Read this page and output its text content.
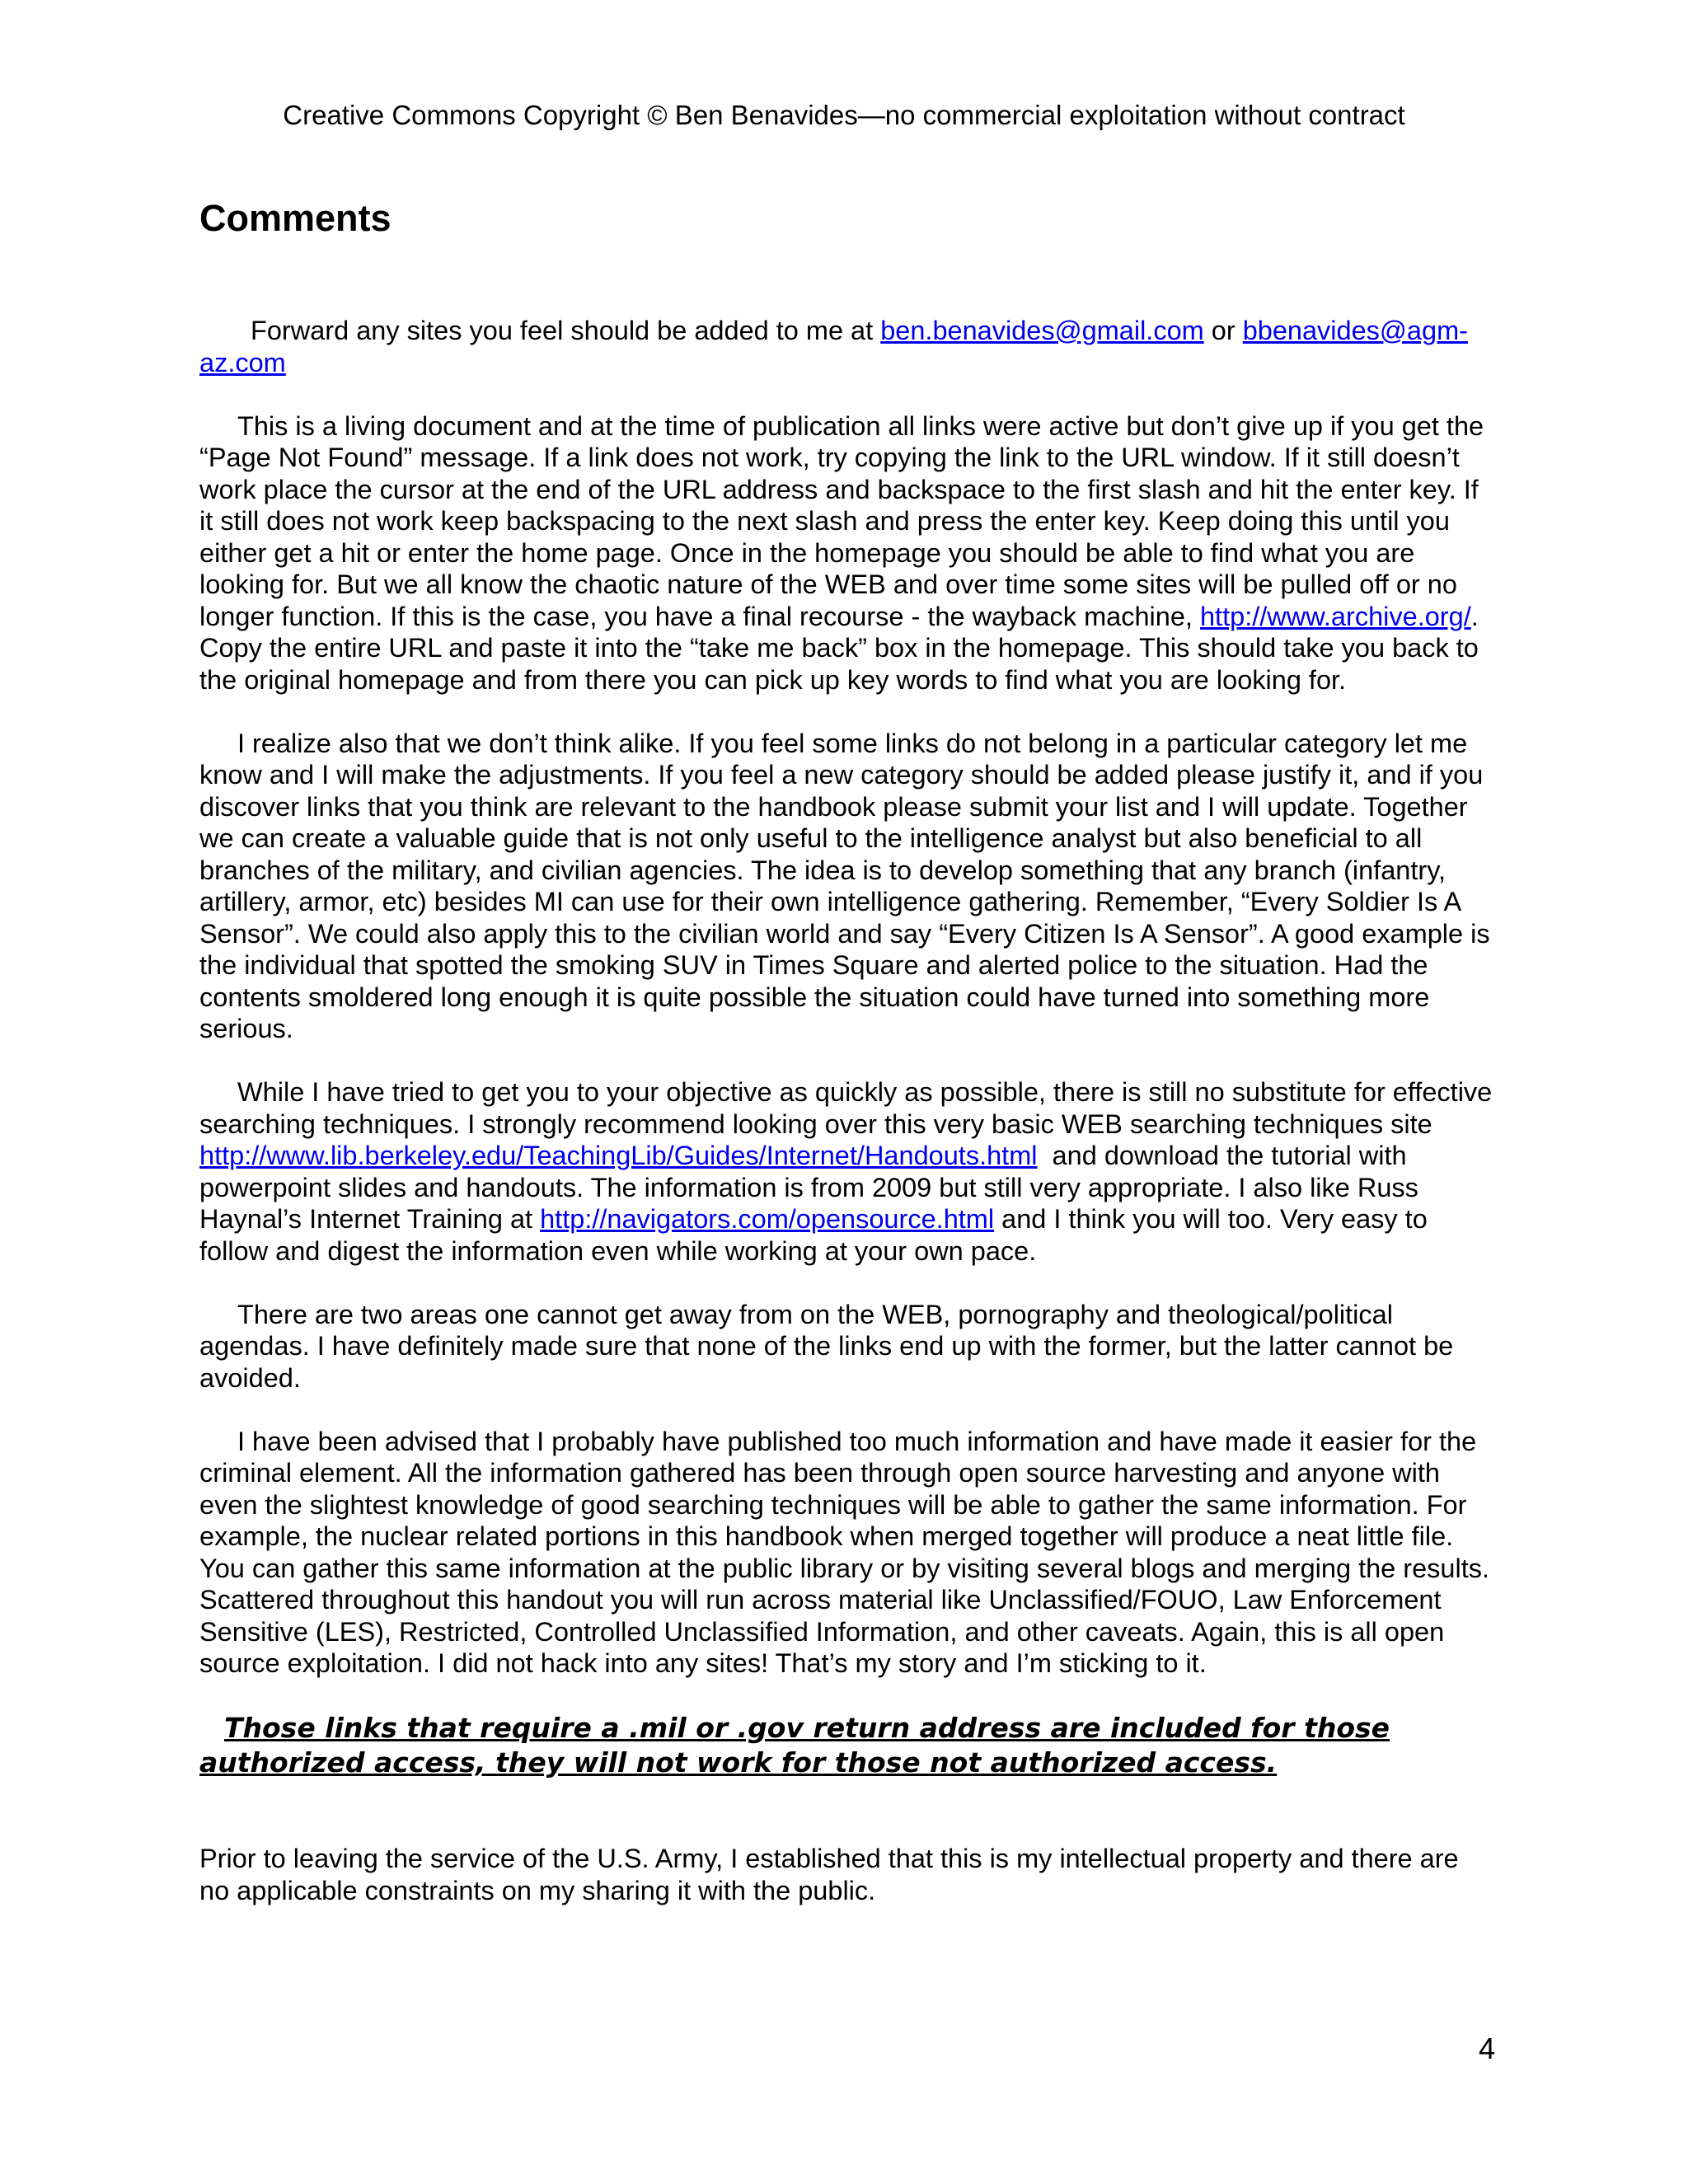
Creative Commons Copyright © Ben Benavides—no commercial exploitation without contract
Comments

Forward any sites you feel should be added to me at ben.benavides@gmail.com or bbenavides@agm-az.com

This is a living document and at the time of publication all links were active but don’t give up if you get the “Page Not Found” message. If a link does not work, try copying the link to the URL window. If it still doesn’t work place the cursor at the end of the URL address and backspace to the first slash and hit the enter key. If it still does not work keep backspacing to the next slash and press the enter key. Keep doing this until you either get a hit or enter the home page. Once in the homepage you should be able to find what you are looking for. But we all know the chaotic nature of the WEB and over time some sites will be pulled off or no longer function. If this is the case, you have a final recourse - the wayback machine, http://www.archive.org/. Copy the entire URL and paste it into the “take me back” box in the homepage. This should take you back to the original homepage and from there you can pick up key words to find what you are looking for.

I realize also that we don’t think alike. If you feel some links do not belong in a particular category let me know and I will make the adjustments. If you feel a new category should be added please justify it, and if you discover links that you think are relevant to the handbook please submit your list and I will update. Together we can create a valuable guide that is not only useful to the intelligence analyst but also beneficial to all branches of the military, and civilian agencies. The idea is to develop something that any branch (infantry, artillery, armor, etc) besides MI can use for their own intelligence gathering. Remember, “Every Soldier Is A Sensor”. We could also apply this to the civilian world and say “Every Citizen Is A Sensor”. A good example is the individual that spotted the smoking SUV in Times Square and alerted police to the situation. Had the contents smoldered long enough it is quite possible the situation could have turned into something more serious.

While I have tried to get you to your objective as quickly as possible, there is still no substitute for effective searching techniques. I strongly recommend looking over this very basic WEB searching techniques site http://www.lib.berkeley.edu/TeachingLib/Guides/Internet/Handouts.html  and download the tutorial with powerpoint slides and handouts. The information is from 2009 but still very appropriate. I also like Russ Haynal’s Internet Training at http://navigators.com/opensource.html and I think you will too. Very easy to follow and digest the information even while working at your own pace.

There are two areas one cannot get away from on the WEB, pornography and theological/political agendas. I have definitely made sure that none of the links end up with the former, but the latter cannot be avoided.

I have been advised that I probably have published too much information and have made it easier for the criminal element. All the information gathered has been through open source harvesting and anyone with even the slightest knowledge of good searching techniques will be able to gather the same information. For example, the nuclear related portions in this handbook when merged together will produce a neat little file. You can gather this same information at the public library or by visiting several blogs and merging the results. Scattered throughout this handout you will run across material like Unclassified/FOUO, Law Enforcement Sensitive (LES), Restricted, Controlled Unclassified Information, and other caveats. Again, this is all open source exploitation. I did not hack into any sites! That’s my story and I’m sticking to it.

Those links that require a .mil or .gov return address are included for those authorized access, they will not work for those not authorized access.

Prior to leaving the service of the U.S. Army, I established that this is my intellectual property and there are no applicable constraints on my sharing it with the public.

4
